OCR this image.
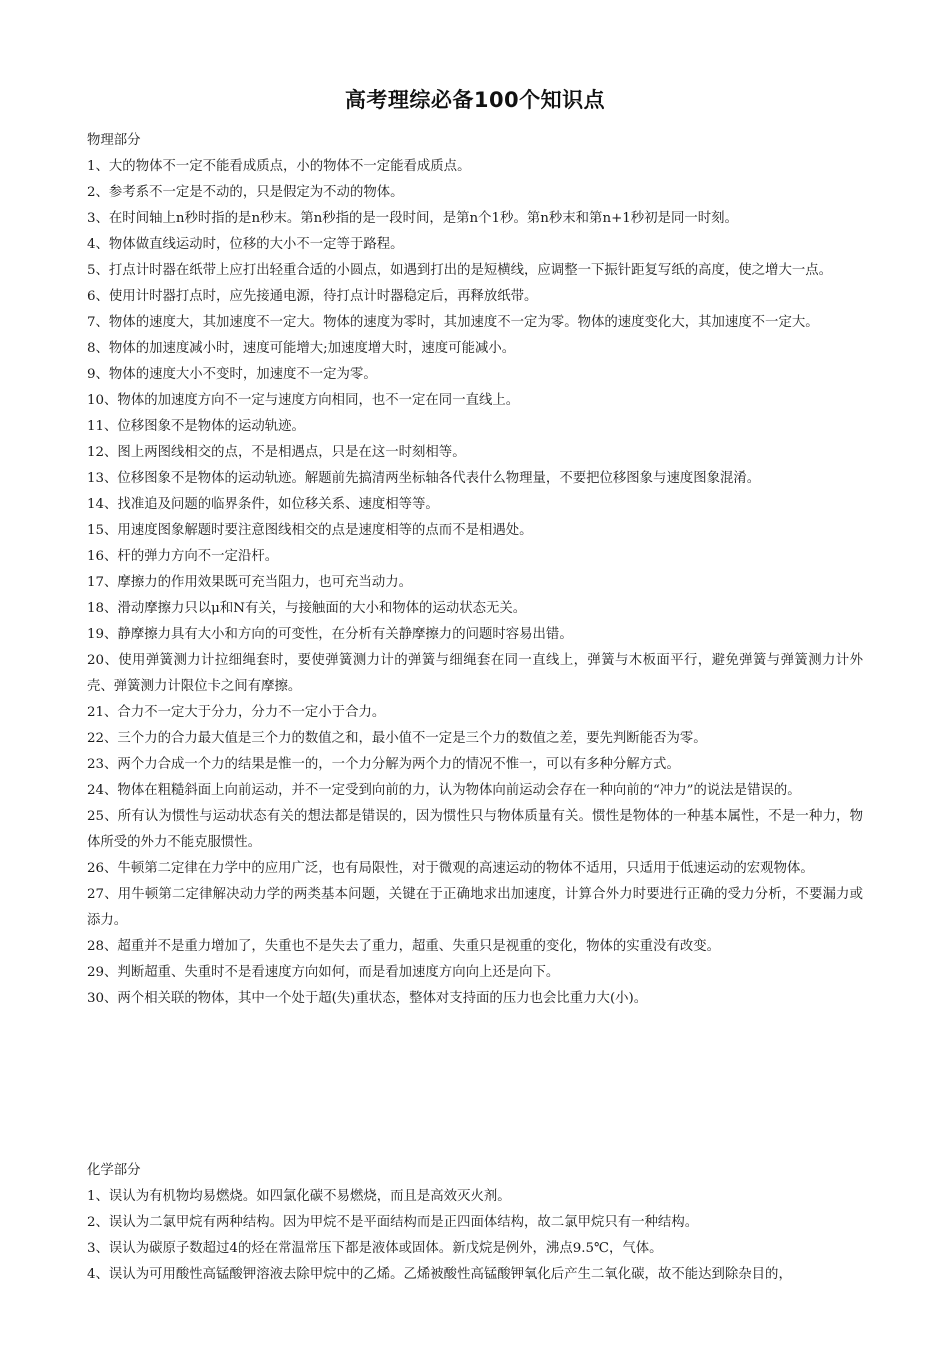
高考理综必备100个知识点
物理部分
1、大的物体不一定不能看成质点，小的物体不一定能看成质点。
2、参考系不一定是不动的，只是假定为不动的物体。
3、在时间轴上n秒时指的是n秒末。第n秒指的是一段时间，是第n个1秒。第n秒末和第n+1秒初是同一时刻。
4、物体做直线运动时，位移的大小不一定等于路程。
5、打点计时器在纸带上应打出轻重合适的小圆点，如遇到打出的是短横线，应调整一下振针距复写纸的高度，使之增大一点。
6、使用计时器打点时，应先接通电源，待打点计时器稳定后，再释放纸带。
7、物体的速度大，其加速度不一定大。物体的速度为零时，其加速度不一定为零。物体的速度变化大，其加速度不一定大。
8、物体的加速度减小时，速度可能增大;加速度增大时，速度可能减小。
9、物体的速度大小不变时，加速度不一定为零。
10、物体的加速度方向不一定与速度方向相同，也不一定在同一直线上。
11、位移图象不是物体的运动轨迹。
12、图上两图线相交的点，不是相遇点，只是在这一时刻相等。
13、位移图象不是物体的运动轨迹。解题前先搞清两坐标轴各代表什么物理量，不要把位移图象与速度图象混淆。
14、找准追及问题的临界条件，如位移关系、速度相等等。
15、用速度图象解题时要注意图线相交的点是速度相等的点而不是相遇处。
16、杆的弹力方向不一定沿杆。
17、摩擦力的作用效果既可充当阻力，也可充当动力。
18、滑动摩擦力只以μ和N有关，与接触面的大小和物体的运动状态无关。
19、静摩擦力具有大小和方向的可变性，在分析有关静摩擦力的问题时容易出错。
20、使用弹簧测力计拉细绳套时，要使弹簧测力计的弹簧与细绳套在同一直线上，弹簧与木板面平行，避免弹簧与弹簧测力计外壳、弹簧测力计限位卡之间有摩擦。
21、合力不一定大于分力，分力不一定小于合力。
22、三个力的合力最大值是三个力的数值之和，最小值不一定是三个力的数值之差，要先判断能否为零。
23、两个力合成一个力的结果是惟一的，一个力分解为两个力的情况不惟一，可以有多种分解方式。
24、物体在粗糙斜面上向前运动，并不一定受到向前的力，认为物体向前运动会存在一种向前的“冲力”的说法是错误的。
25、所有认为惯性与运动状态有关的想法都是错误的，因为惯性只与物体质量有关。惯性是物体的一种基本属性，不是一种力，物体所受的外力不能克服惯性。
26、牛顿第二定律在力学中的应用广泛，也有局限性，对于微观的高速运动的物体不适用，只适用于低速运动的宏观物体。
27、用牛顿第二定律解决动力学的两类基本问题，关键在于正确地求出加速度，计算合外力时要进行正确的受力分析，不要漏力或添力。
28、超重并不是重力增加了，失重也不是失去了重力，超重、失重只是视重的变化，物体的实重没有改变。
29、判断超重、失重时不是看速度方向如何，而是看加速度方向向上还是向下。
30、两个相关联的物体，其中一个处于超(失)重状态，整体对支持面的压力也会比重力大(小)。
化学部分
1、误认为有机物均易燃烧。如四氯化碳不易燃烧，而且是高效灭火剂。
2、误认为二氯甲烷有两种结构。因为甲烷不是平面结构而是正四面体结构，故二氯甲烷只有一种结构。
3、误认为碳原子数超过4的烃在常温常压下都是液体或固体。新戊烷是例外，沸点9.5℃，气体。
4、误认为可用酸性高锰酸钾溶液去除甲烷中的乙烯。乙烯被酸性高锰酸钾氧化后产生二氧化碳，故不能达到除杂目的，
